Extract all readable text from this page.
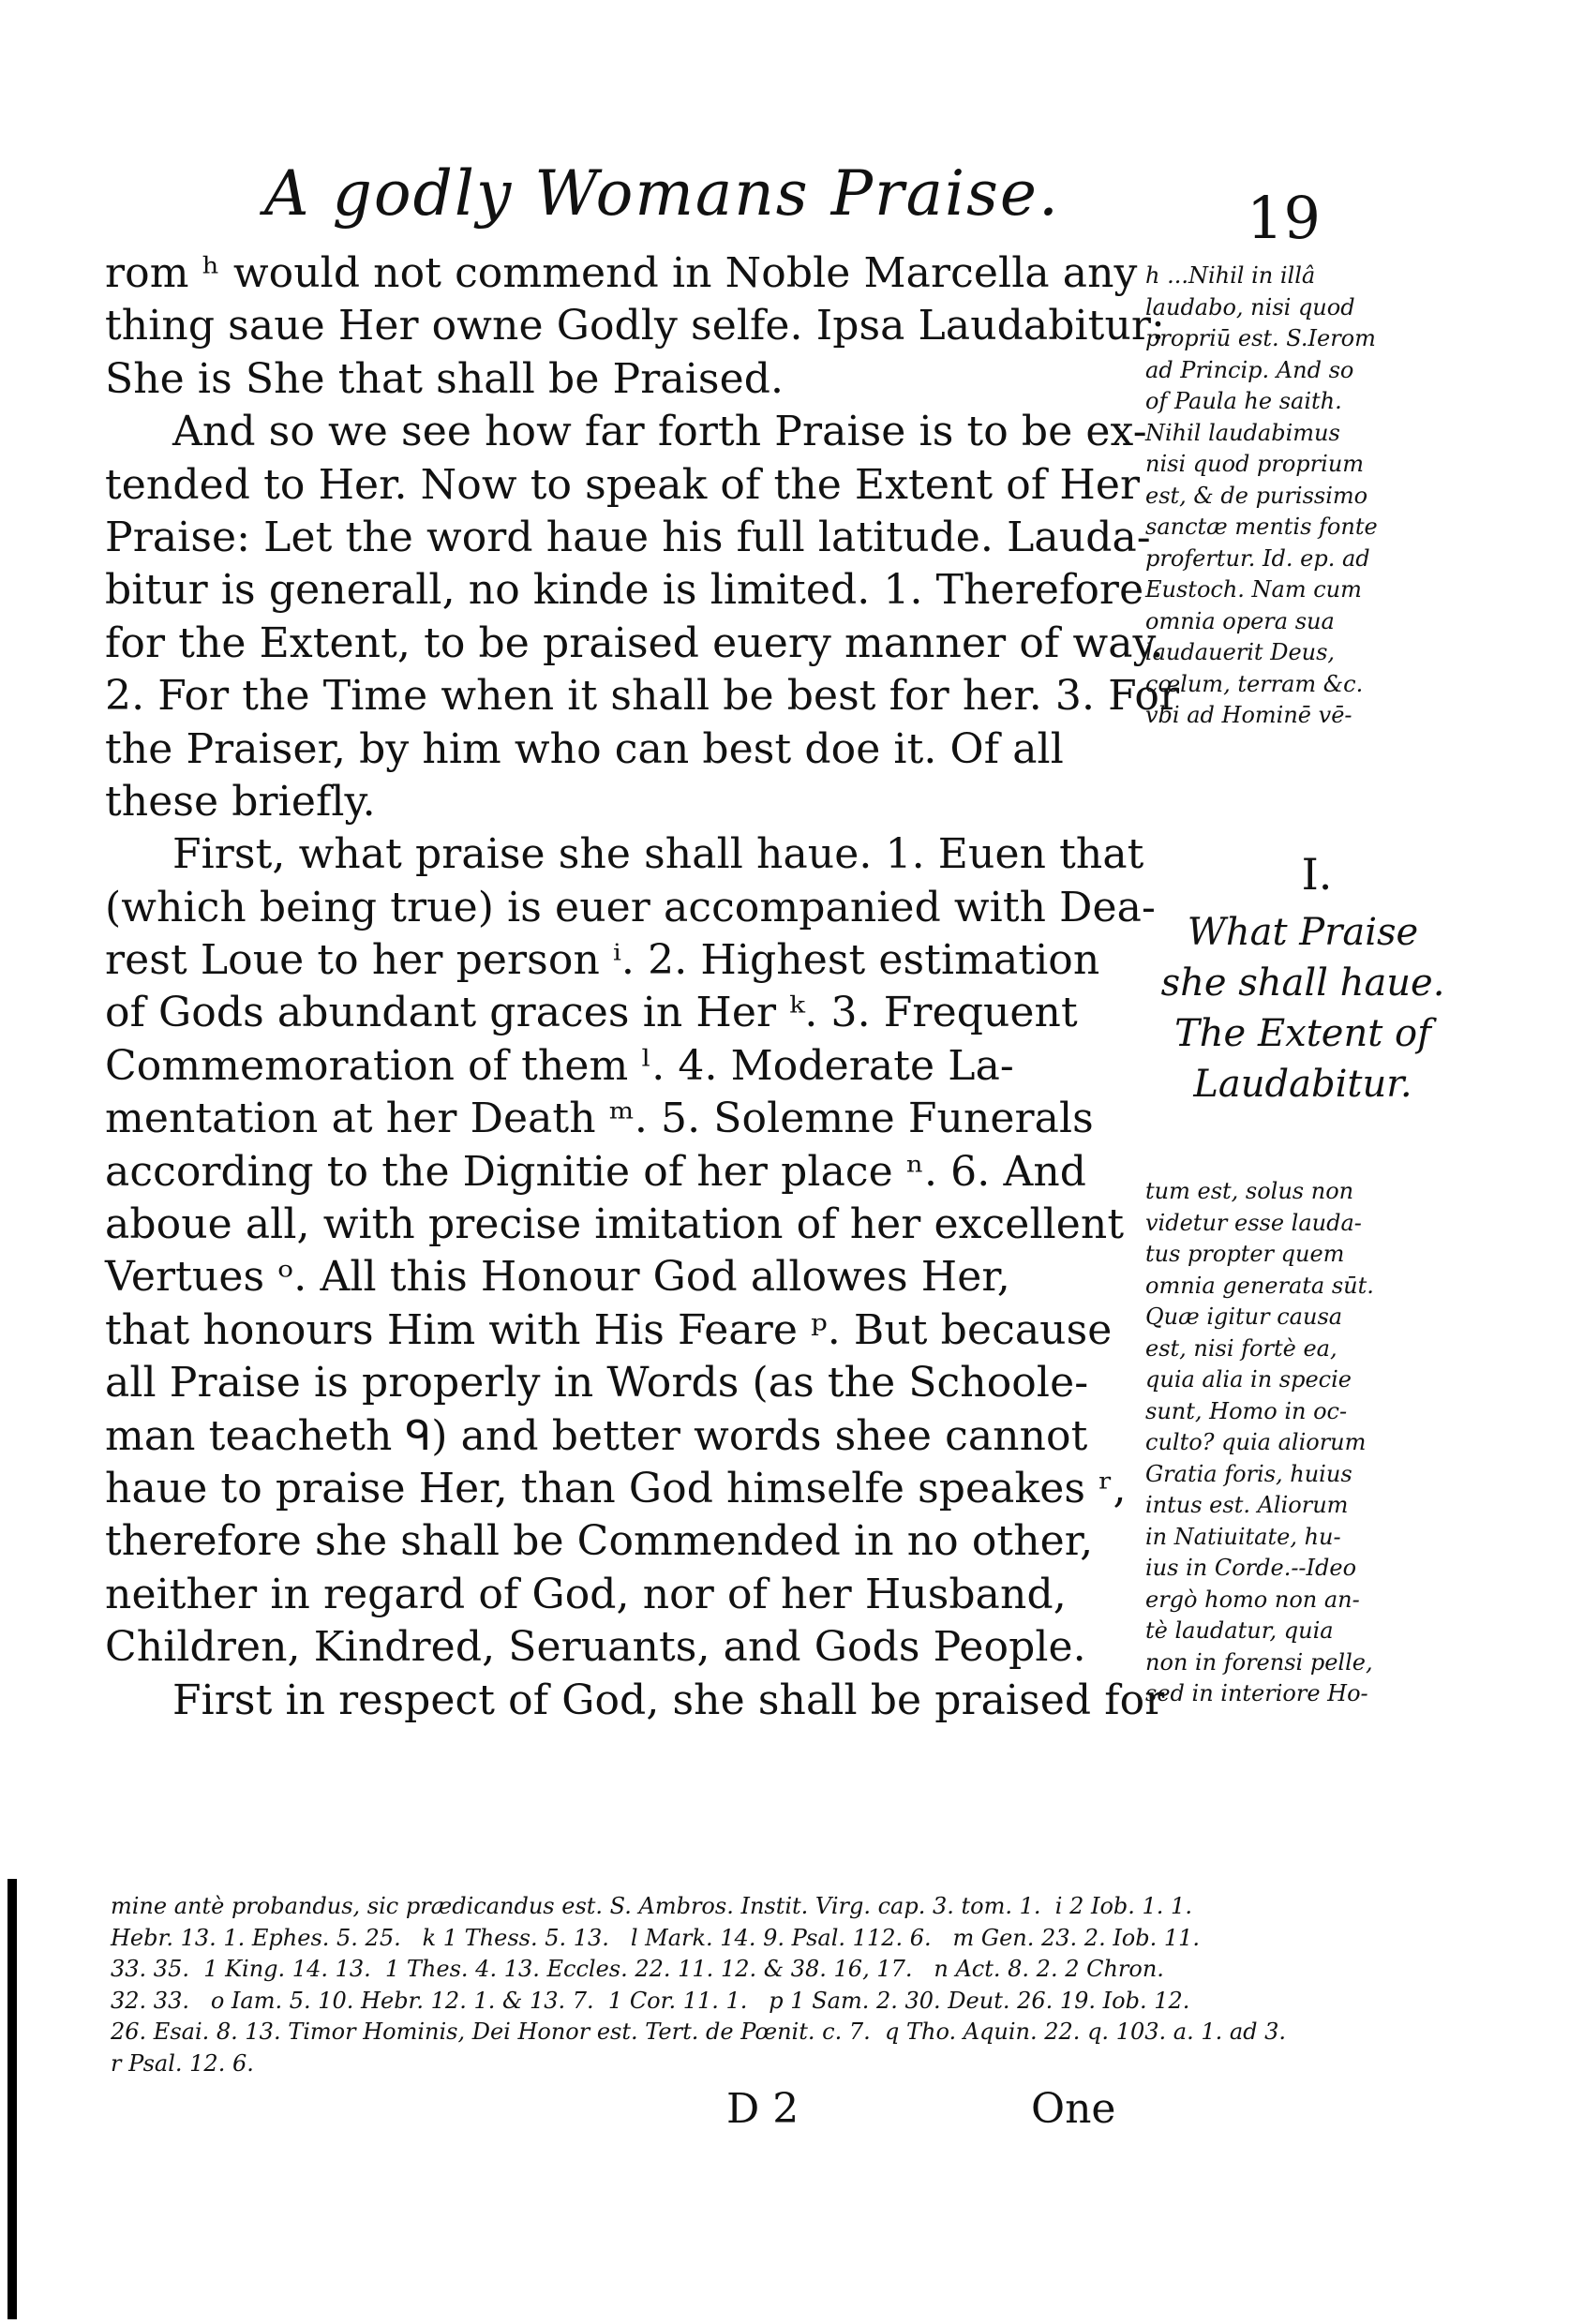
A godly Womans Praise.	19
rom ʰ would not commend in Noble Marcella any
thing saue Her owne Godly selfe. Ipsa Laudabitur:
She is She that shall be Praised.
And so we see how far forth Praise is to be ex-
tended to Her. Now to speak of the Extent of Her
Praise: Let the word haue his full latitude. Lauda-
bitur is generall, no kinde is limited. 1. Therefore
for the Extent, to be praised euery manner of way.
2. For the Time when it shall be best for her. 3. For
the Praiser, by him who can best doe it. Of all
these briefly.
First, what praise she shall haue. 1. Euen that
(which being true) is euer accompanied with Dea-
rest Loue to her person ⁱ. 2. Highest estimation
of Gods abundant graces in Her ᵏ. 3. Frequent
Commemoration of them ˡ. 4. Moderate La-
mentation at her Death ᵐ. 5. Solemne Funerals
according to the Dignitie of her place ⁿ. 6. And
aboue all, with precise imitation of her excellent
Vertues ᵒ. All this Honour God allowes Her,
that honours Him with His Feare ᵖ. But because
all Praise is properly in Words (as the Schoole-
man teacheth ᑫ) and better words shee cannot
haue to praise Her, than God himselfe speakes ʳ,
therefore she shall be Commended in no other,
neither in regard of God, nor of her Husband,
Children, Kindred, Seruants, and Gods People.
First in respect of God, she shall be praised for
h ...Nihil in illâ
laudabo, nisi quod
propriū est. S.Ierom
ad Princip. And so
of Paula he saith.
Nihil laudabimus
nisi quod proprium
est, & de purissimo
sanctæ mentis fonte
profertur. Id. ep. ad
Eustoch. Nam cum
omnia opera sua
laudauerit Deus,
cœlum, terram &c.
vbi ad Hominē vē-
I.
What Praise
she shall haue.
The Extent of
Laudabitur.
tum est, solus non
videtur esse lauda-
tus propter quem
omnia generata sūt.
Quæ igitur causa
est, nisi fortè ea,
quia alia in specie
sunt, Homo in oc-
culto? quia aliorum
Gratia foris, huius
intus est. Aliorum
in Natiuitate, hu-
ius in Corde.--Ideo
ergò homo non an-
tè laudatur, quia
non in forensi pelle,
sed in interiore Ho-
mine antè probandus, sic prædicandus est. S. Ambros. Instit. Virg. cap. 3. tom. 1.  i 2 Iob. 1. 1.
Hebr. 13. 1. Ephes. 5. 25.   k 1 Thess. 5. 13.   l Mark. 14. 9. Psal. 112. 6.   m Gen. 23. 2. Iob. 11.
33. 35.  1 King. 14. 13.  1 Thes. 4. 13. Eccles. 22. 11. 12. & 38. 16, 17.   n Act. 8. 2. 2 Chron.
32. 33.   o Iam. 5. 10. Hebr. 12. 1. & 13. 7.  1 Cor. 11. 1.   p 1 Sam. 2. 30. Deut. 26. 19. Iob. 12.
26. Esai. 8. 13. Timor Hominis, Dei Honor est. Tert. de Pœnit. c. 7.  q Tho. Aquin. 22. q. 103. a. 1. ad 3.
r Psal. 12. 6.
D 2	One
